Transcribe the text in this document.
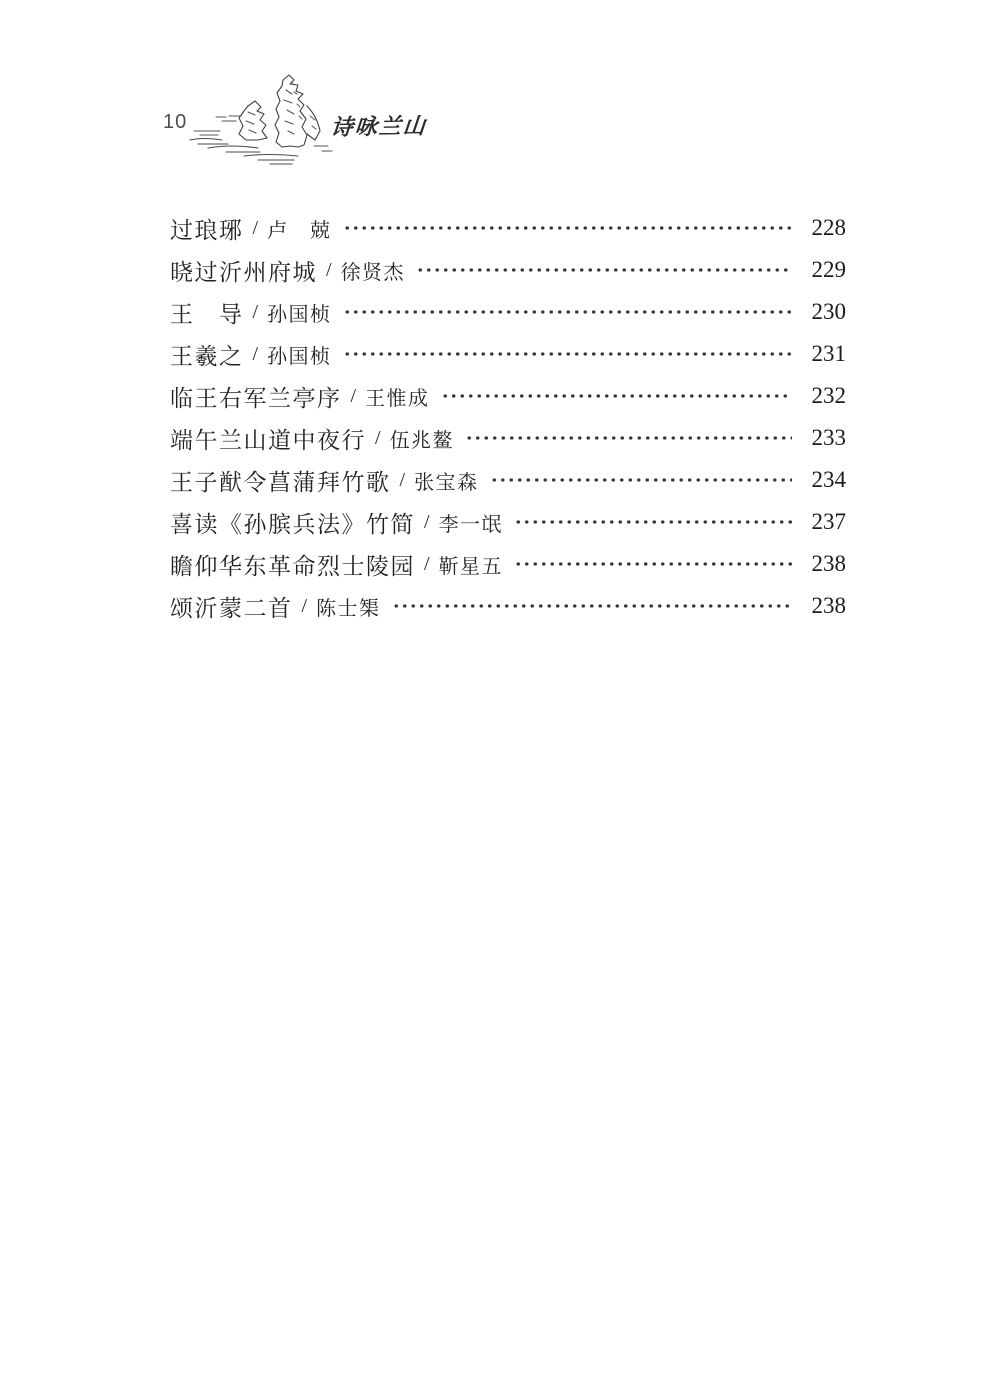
10	诗咏兰山
过琅琊 / 卢　兢	228
晓过沂州府城 / 徐贤杰	229
王　导 / 孙国桢	230
王羲之 / 孙国桢	231
临王右军兰亭序 / 王惟成	232
端午兰山道中夜行 / 伍兆鳌	233
王子猷令菖蒲拜竹歌 / 张宝森	234
喜读《孙膑兵法》竹简 / 李一氓	237
瞻仰华东革命烈士陵园 / 靳星五	238
颂沂蒙二首 / 陈士榘	238
